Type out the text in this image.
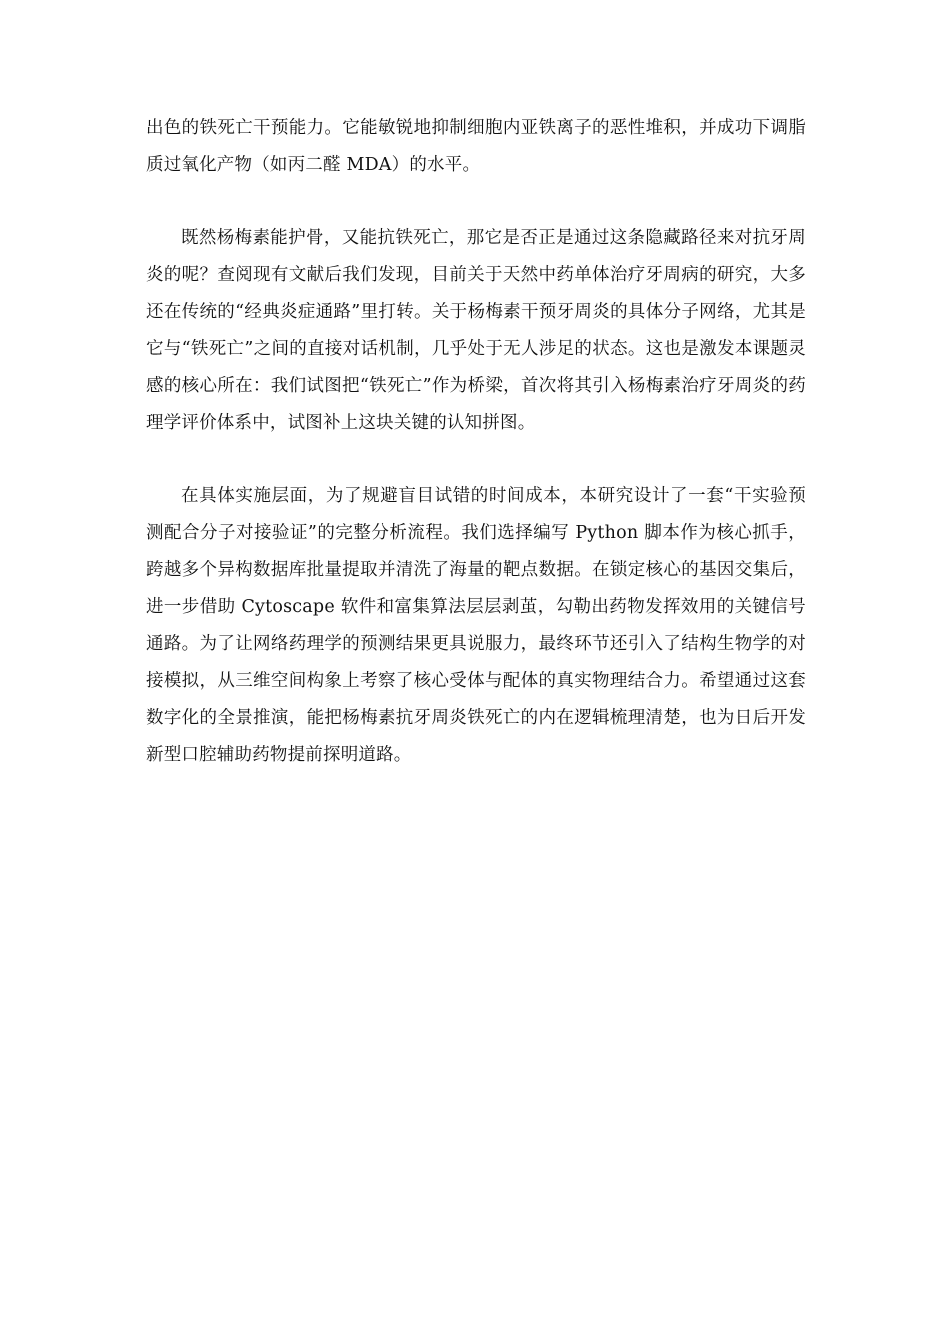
出色的铁死亡干预能力。它能敏锐地抑制细胞内亚铁离子的恶性堆积，并成功下调脂质过氧化产物（如丙二醛 MDA）的水平。

既然杨梅素能护骨，又能抗铁死亡，那它是否正是通过这条隐藏路径来对抗牙周炎的呢？查阅现有文献后我们发现，目前关于天然中药单体治疗牙周病的研究，大多还在传统的“经典炎症通路”里打转。关于杨梅素干预牙周炎的具体分子网络，尤其是它与“铁死亡”之间的直接对话机制，几乎处于无人涉足的状态。这也是激发本课题灵感的核心所在：我们试图把“铁死亡”作为桥梁，首次将其引入杨梅素治疗牙周炎的药理学评价体系中，试图补上这块关键的认知拼图。

在具体实施层面，为了规避盲目试错的时间成本，本研究设计了一套“干实验预测配合分子对接验证”的完整分析流程。我们选择编写 Python 脚本作为核心抓手，跨越多个异构数据库批量提取并清洗了海量的靶点数据。在锁定核心的基因交集后，进一步借助 Cytoscape 软件和富集算法层层剥茧，勾勒出药物发挥效用的关键信号通路。为了让网络药理学的预测结果更具说服力，最终环节还引入了结构生物学的对接模拟，从三维空间构象上考察了核心受体与配体的真实物理结合力。希望通过这套数字化的全景推演，能把杨梅素抗牙周炎铁死亡的内在逻辑梳理清楚，也为日后开发新型口腔辅助药物提前探明道路。
